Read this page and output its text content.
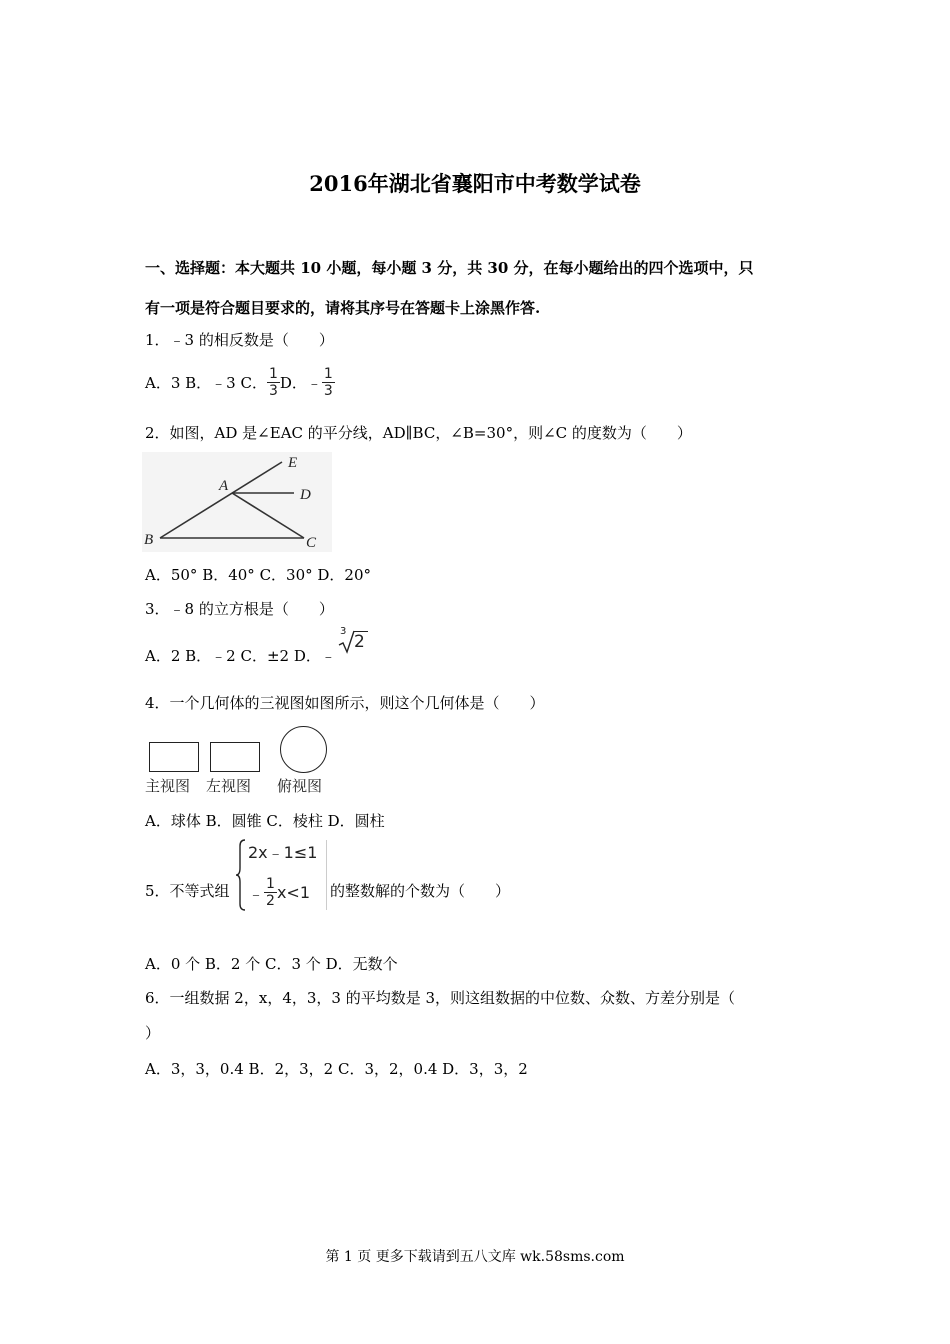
2016年湖北省襄阳市中考数学试卷
一、选择题：本大题共 10 小题，每小题 3 分，共 30 分，在每小题给出的四个选项中，只
有一项是符合题目要求的，请将其序号在答题卡上涂黑作答.
1．﹣3 的相反数是（　　）
A．3 B．﹣3 C． $\frac{1}{3}$ D．﹣ $\frac{1}{3}$
2．如图，AD 是∠EAC 的平分线，AD∥BC，∠B=30°，则∠C 的度数为（　　）
E
A
D
B	C
A．50° B．40° C．30° D．20°
3．﹣8 的立方根是（　　）
A．2 B．﹣2 C．±2 D．﹣
3
2
4．一个几何体的三视图如图所示，则这个几何体是（　　）
主视图 左视图 俯视图
A．球体 B．圆锥 C．棱柱 D．圆柱
5．不等式组
2x﹣1≤1
﹣ $\frac{1}{2} x<1$ 的整数解的个数为（　　）
A．0 个 B．2 个 C．3 个 D．无数个
6．一组数据 2，x，4，3，3 的平均数是 3，则这组数据的中位数、众数、方差分别是（
）
A．3，3，0.4 B．2，3，2 C．3，2，0.4 D．3，3，2
第 1 页 更多下载请到五八文库 wk.58sms.com
